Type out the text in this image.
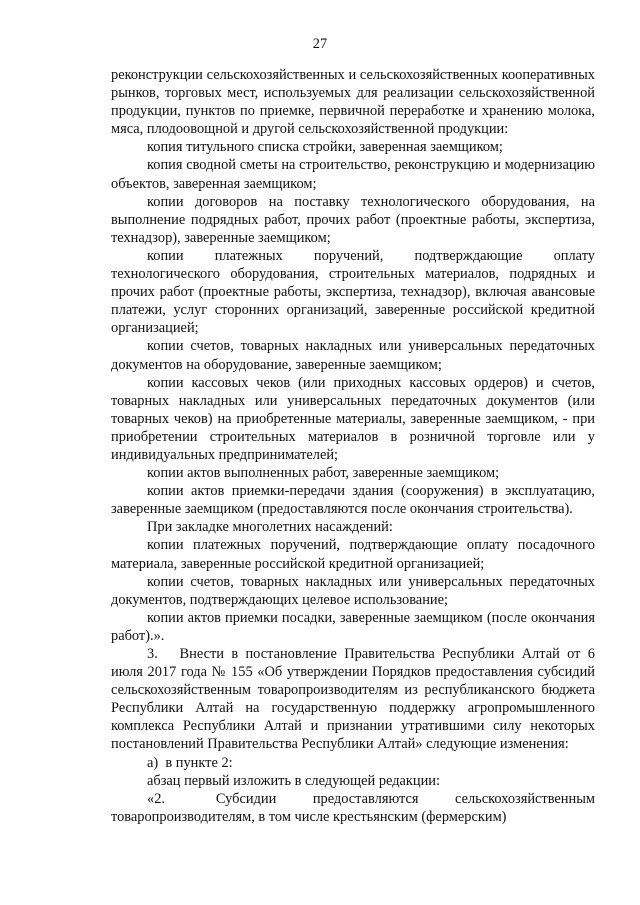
27

реконструкции сельскохозяйственных и сельскохозяйственных кооперативных рынков, торговых мест, используемых для реализации сельскохозяйственной продукции, пунктов по приемке, первичной переработке и хранению молока, мяса, плодоовощной и другой сельскохозяйственной продукции:

копия титульного списка стройки, заверенная заемщиком;

копия сводной сметы на строительство, реконструкцию и модернизацию объектов, заверенная заемщиком;

копии договоров на поставку технологического оборудования, на выполнение подрядных работ, прочих работ (проектные работы, экспертиза, технадзор), заверенные заемщиком;

копии платежных поручений, подтверждающие оплату технологического оборудования, строительных материалов, подрядных и прочих работ (проектные работы, экспертиза, технадзор), включая авансовые платежи, услуг сторонних организаций, заверенные российской кредитной организацией;

копии счетов, товарных накладных или универсальных передаточных документов на оборудование, заверенные заемщиком;

копии кассовых чеков (или приходных кассовых ордеров) и счетов, товарных накладных или универсальных передаточных документов (или товарных чеков) на приобретенные материалы, заверенные заемщиком, - при приобретении строительных материалов в розничной торговле или у индивидуальных предпринимателей;

копии актов выполненных работ, заверенные заемщиком;

копии актов приемки-передачи здания (сооружения) в эксплуатацию, заверенные заемщиком (предоставляются после окончания строительства).

При закладке многолетних насаждений:

копии платежных поручений, подтверждающие оплату посадочного материала, заверенные российской кредитной организацией;

копии счетов, товарных накладных или универсальных передаточных документов, подтверждающих целевое использование;

копии актов приемки посадки, заверенные заемщиком (после окончания работ).».

3.  Внести в постановление Правительства Республики Алтай от 6 июля 2017 года № 155 «Об утверждении Порядков предоставления субсидий сельскохозяйственным товаропроизводителям из республиканского бюджета Республики Алтай на государственную поддержку агропромышленного комплекса Республики Алтай и признании утратившими силу некоторых постановлений Правительства Республики Алтай» следующие изменения:

а) в пункте 2:

абзац первый изложить в следующей редакции:

«2.  Субсидии предоставляются сельскохозяйственным товаропроизводителям, в том числе крестьянским (фермерским)
